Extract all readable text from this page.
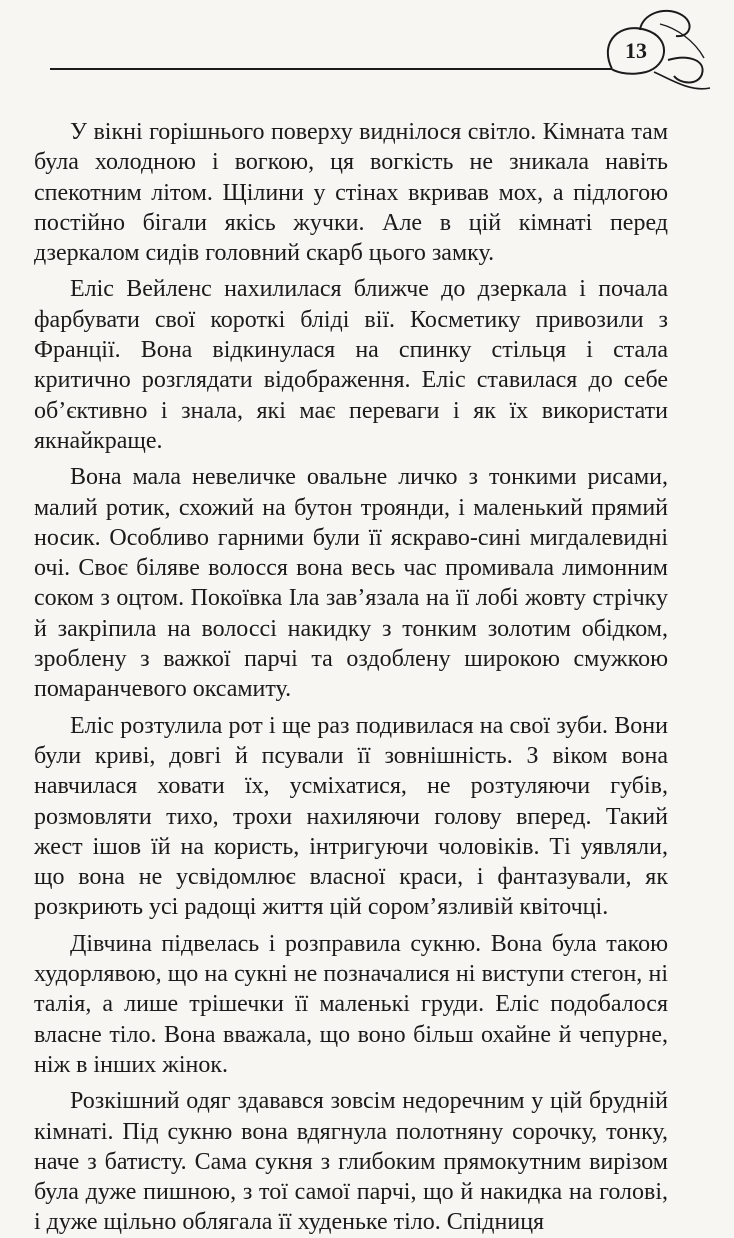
13

У вікні горішнього поверху виднілося світло. Кімната там була холодною і вогкою, ця вогкість не зникала навіть спекотним літом. Щілини у стінах вкривав мох, а підлогою постійно бігали якісь жучки. Але в цій кімнаті перед дзеркалом сидів головний скарб цього замку.

Еліс Вейленс нахилилася ближче до дзеркала і почала фарбувати свої короткі бліді вії. Косметику привозили з Франції. Вона відкинулася на спинку стільця і стала критично розглядати відображення. Еліс ставилася до себе об’єктивно і знала, які має переваги і як їх використати якнайкраще.

Вона мала невеличке овальне личко з тонкими рисами, малий ротик, схожий на бутон троянди, і маленький прямий носик. Особливо гарними були її яскраво-сині мигдалевидні очі. Своє біляве волосся вона весь час промивала лимонним соком з оцтом. Покоївка Іла зав’язала на її лобі жовту стрічку й закріпила на волоссі накидку з тонким золотим обідком, зроблену з важкої парчі та оздоблену широкою смужкою помаранчевого оксамиту.

Еліс розтулила рот і ще раз подивилася на свої зуби. Вони були криві, довгі й псували її зовнішність. З віком вона навчилася ховати їх, усміхатися, не розтуляючи губів, розмовляти тихо, трохи нахиляючи голову вперед. Такий жест ішов їй на користь, інтригуючи чоловіків. Ті уявляли, що вона не усвідомлює власної краси, і фантазували, як розкриють усі радощі життя цій сором’язливій квіточці.

Дівчина підвелась і розправила сукню. Вона була такою худорлявою, що на сукні не позначалися ні виступи стегон, ні талія, а лише трішечки її маленькі груди. Еліс подобалося власне тіло. Вона вважала, що воно більш охайне й чепурне, ніж в інших жінок.

Розкішний одяг здавався зовсім недоречним у цій брудній кімнаті. Під сукню вона вдягнула полотняну сорочку, тонку, наче з батисту. Сама сукня з глибоким прямокутним вирізом була дуже пишною, з тої самої парчі, що й накидка на голові, і дуже щільно облягала її худеньке тіло. Спідниця
